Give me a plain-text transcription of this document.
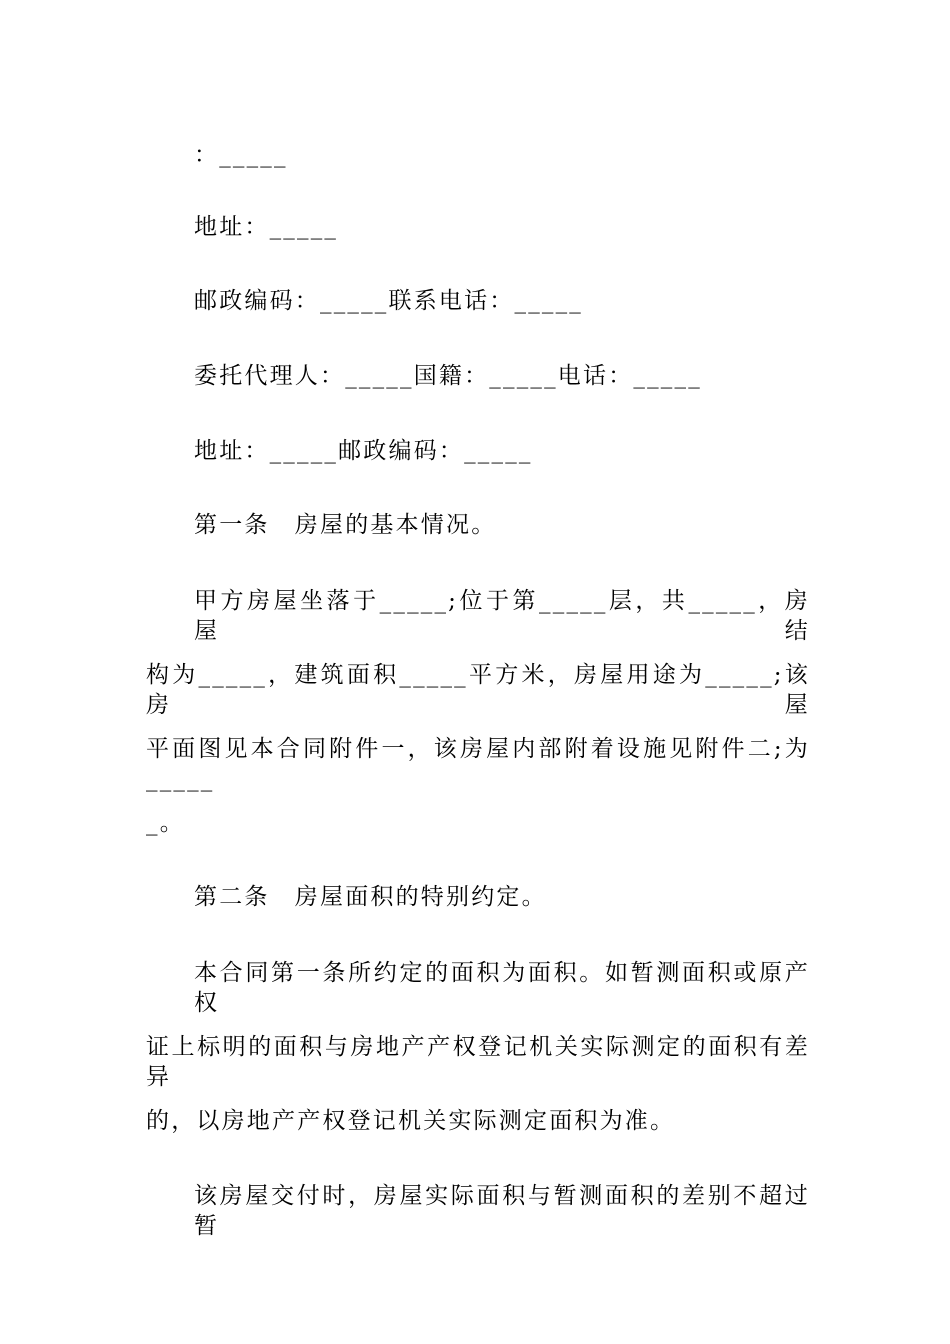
：_____
地址：_____
邮政编码：_____联系电话：_____
委托代理人：_____国籍：_____电话：_____
地址：_____邮政编码：_____
第一条　房屋的基本情况。
甲方房屋坐落于_____;位于第_____层，共_____，房屋结
构为_____，建筑面积_____平方米，房屋用途为_____;该房屋
平面图见本合同附件一，该房屋内部附着设施见附件二;为_____
_。
第二条　房屋面积的特别约定。
本合同第一条所约定的面积为面积。如暂测面积或原产权
证上标明的面积与房地产产权登记机关实际测定的面积有差异
的，以房地产产权登记机关实际测定面积为准。
该房屋交付时，房屋实际面积与暂测面积的差别不超过暂
